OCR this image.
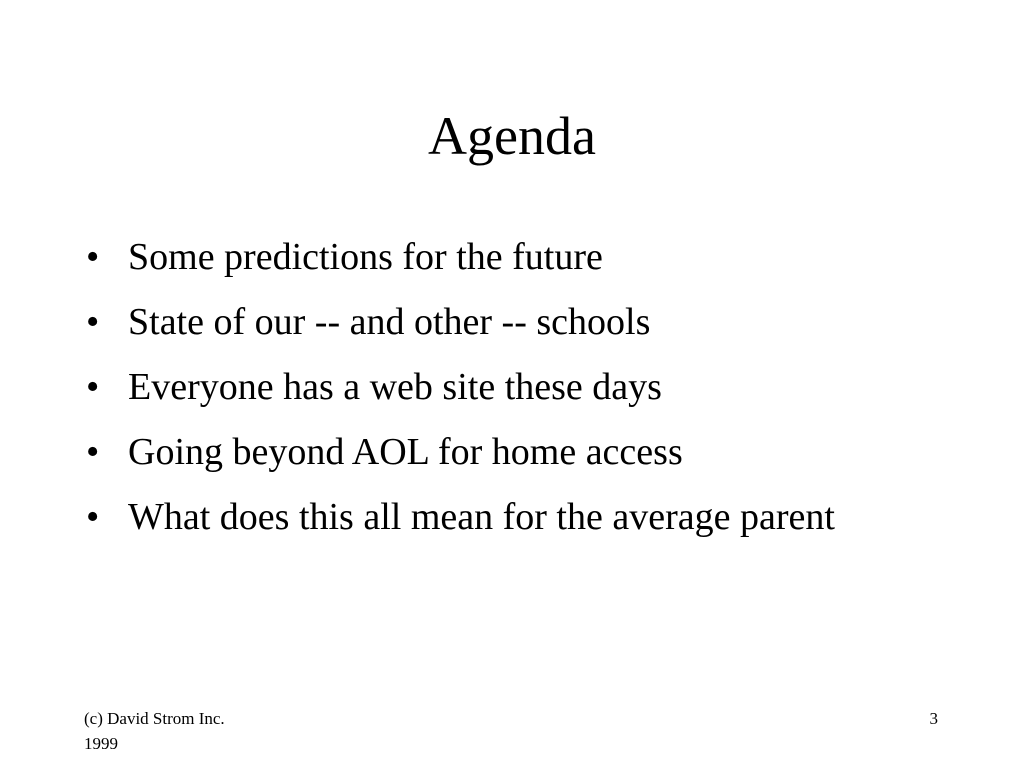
Agenda
• Some predictions for the future
• State of our -- and other -- schools
• Everyone has a web site these days
• Going beyond AOL for home access
• What does this all mean for the average parent
(c) David Strom Inc.
1999
3
